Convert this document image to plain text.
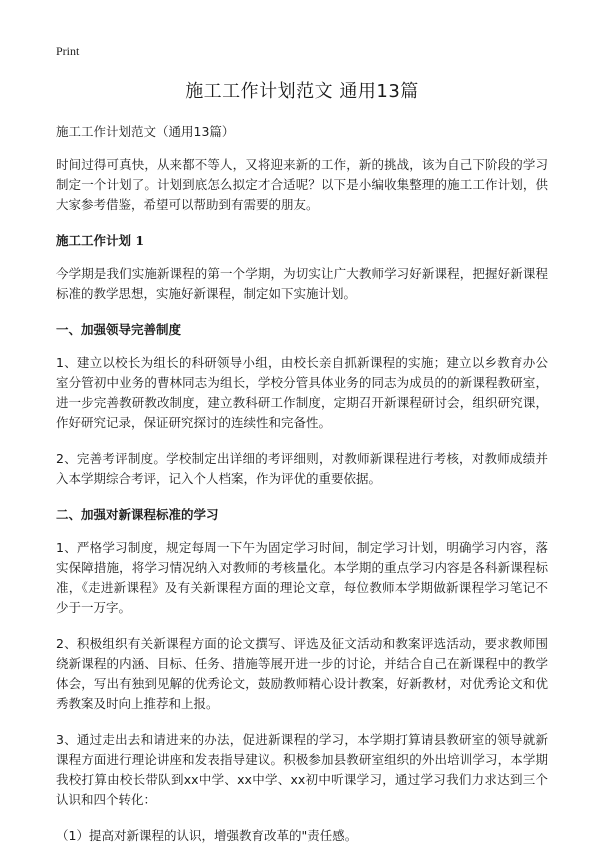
Print
施工工作计划范文 通用13篇
施工工作计划范文（通用13篇）

时间过得可真快，从来都不等人，又将迎来新的工作，新的挑战，该为自己下阶段的学习制定一个计划了。计划到底怎么拟定才合适呢？以下是小编收集整理的施工工作计划，供大家参考借鉴，希望可以帮助到有需要的朋友。

施工工作计划 1

今学期是我们实施新课程的第一个学期，为切实让广大教师学习好新课程，把握好新课程标准的教学思想，实施好新课程，制定如下实施计划。

一、加强领导完善制度

1、建立以校长为组长的科研领导小组，由校长亲自抓新课程的实施；建立以乡教育办公室分管初中业务的曹林同志为组长，学校分管具体业务的同志为成员的的新课程教研室，进一步完善教研教改制度，建立教科研工作制度，定期召开新课程研讨会，组织研究课，作好研究记录，保证研究探讨的连续性和完备性。

2、完善考评制度。学校制定出详细的考评细则，对教师新课程进行考核，对教师成绩并入本学期综合考评，记入个人档案，作为评优的重要依据。

二、加强对新课程标准的学习

1、严格学习制度，规定每周一下午为固定学习时间，制定学习计划，明确学习内容，落实保障措施，将学习情况纳入对教师的考核量化。本学期的重点学习内容是各科新课程标准，《走进新课程》及有关新课程方面的理论文章，每位教师本学期做新课程学习笔记不少于一万字。

2、积极组织有关新课程方面的论文撰写、评选及征文活动和教案评选活动，要求教师围绕新课程的内涵、目标、任务、措施等展开进一步的讨论，并结合自己在新课程中的教学体会，写出有独到见解的优秀论文，鼓励教师精心设计教案，好新教材，对优秀论文和优秀教案及时向上推荐和上报。

3、通过走出去和请进来的办法，促进新课程的学习，本学期打算请县教研室的领导就新课程方面进行理论讲座和发表指导建议。积极参加县教研室组织的外出培训学习，本学期我校打算由校长带队到xx中学、xx中学、xx初中听课学习，通过学习我们力求达到三个认识和四个转化：

（1）提高对新课程的认识，增强教育改革的"责任感。
